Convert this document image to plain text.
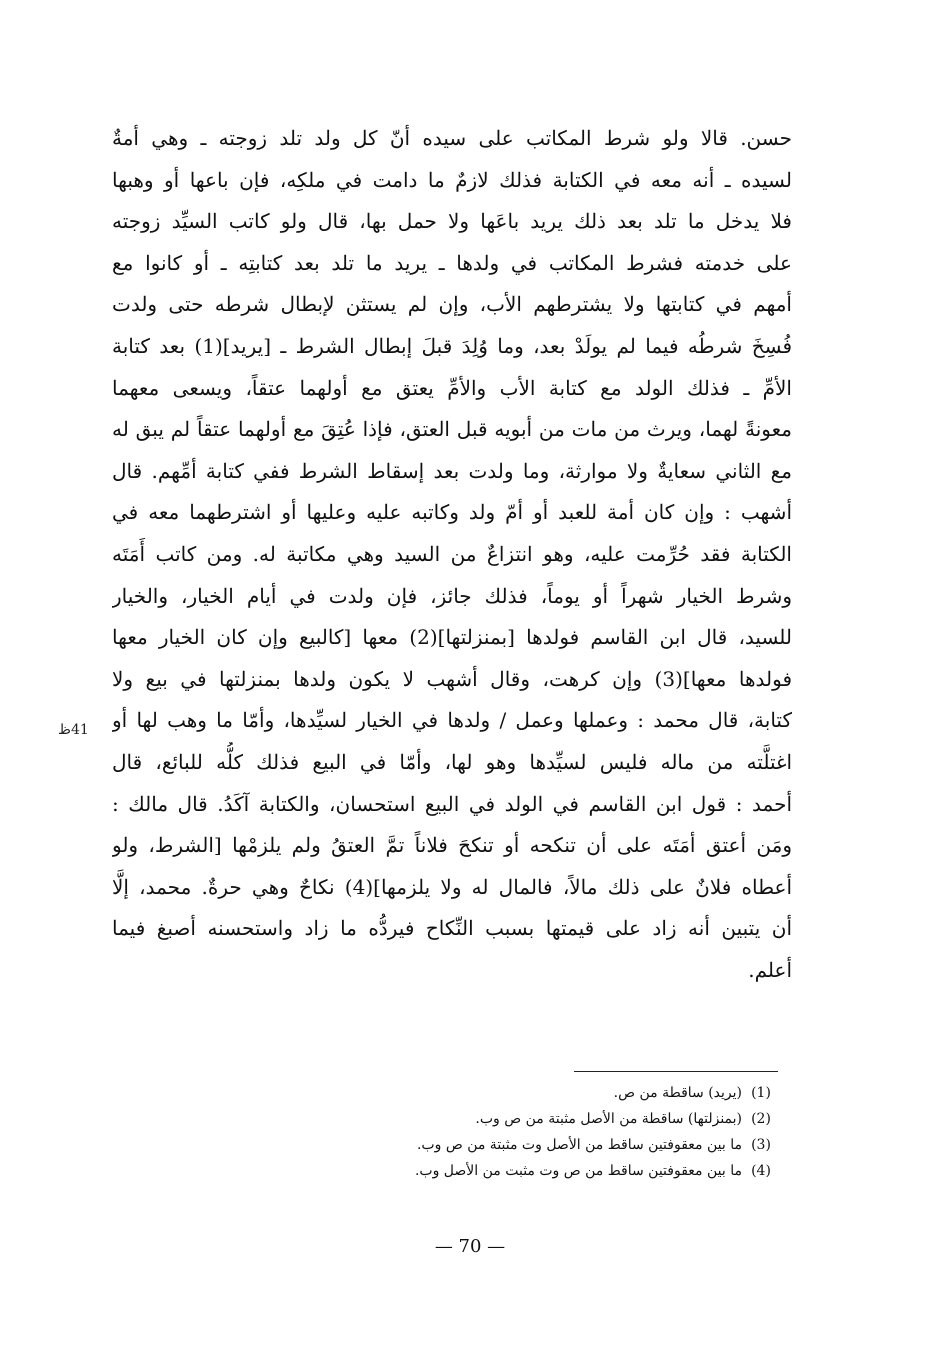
حسن. قالا ولو شرط المكاتب على سيده أنّ كل ولد تلد زوجته ـ وهي أمةٌ
لسيده ـ أنه معه في الكتابة فذلك لازمٌ ما دامت في ملكِه، فإن باعها أو وهبها
فلا يدخل ما تلد بعد ذلك يريد باعَها ولا حمل بها، قال ولو كاتب السيِّد زوجته
على خدمته فشرط المكاتب في ولدها ـ يريد ما تلد بعد كتابتِه ـ أو كانوا مع
أمهم في كتابتها ولا يشترطهم الأب، وإن لم يستثن لإبطال شرطه حتى ولدت
فُسِخَ شرطُه فيما لم يولَدْ بعد، وما وُلِدَ قبلَ إبطال الشرط ـ [يريد](1) بعد كتابة
الأمِّ ـ فذلك الولد مع كتابة الأب والأمِّ يعتق مع أولهما عتقاً، ويسعى معهما
معونةً لهما، ويرث من مات من أبويه قبل العتق، فإذا عُتِقَ مع أولهما عتقاً لم يبق له
مع الثاني سعايةٌ ولا موارثة، وما ولدت بعد إسقاط الشرط ففي كتابة أمِّهم. قال
أشهب : وإن كان أمة للعبد أو أمّ ولد وكاتبه عليه وعليها أو اشترطهما معه في
الكتابة فقد حُرِّمت عليه، وهو انتزاعٌ من السيد وهي مكاتبة له. ومن كاتب أَمَتَه
وشرط الخيار شهراً أو يوماً، فذلك جائز، فإن ولدت في أيام الخيار، والخيار
للسيد، قال ابن القاسم فولدها [بمنزلتها](2) معها [كالبيع وإن كان الخيار معها
فولدها معها](3) وإن كرهت، وقال أشهب لا يكون ولدها بمنزلتها في بيع ولا
كتابة، قال محمد : وعملها وعمل / ولدها في الخيار لسيِّدها، وأمّا ما وهب لها أو
اغتلَّته من ماله فليس لسيِّدها وهو لها، وأمّا في البيع فذلك كلُّه للبائع، قال
أحمد : قول ابن القاسم في الولد في البيع استحسان، والكتابة آكَدُ. قال مالك :
ومَن أعتق أمَتَه على أن تنكحه أو تنكحَ فلاناً تمَّ العتقُ ولم يلزمْها [الشرط، ولو
أعطاه فلانٌ على ذلك مالاً، فالمال له ولا يلزمها](4) نكاحٌ وهي حرةٌ. محمد، إلَّا
أن يتبين أنه زاد على قيمتها بسبب النِّكاح فيردُّه ما زاد واستحسنه أصبغ فيما
أعلم.
41ظ
(1)
(يريد) ساقطة من ص.
(2)
(بمنزلتها) ساقطة من الأصل مثبتة من ص وب.
(3)
ما بين معقوفتين ساقط من الأصل وت مثبتة من ص وب.
(4)
ما بين معقوفتين ساقط من ص وت مثبت من الأصل وب.
— 70 —
